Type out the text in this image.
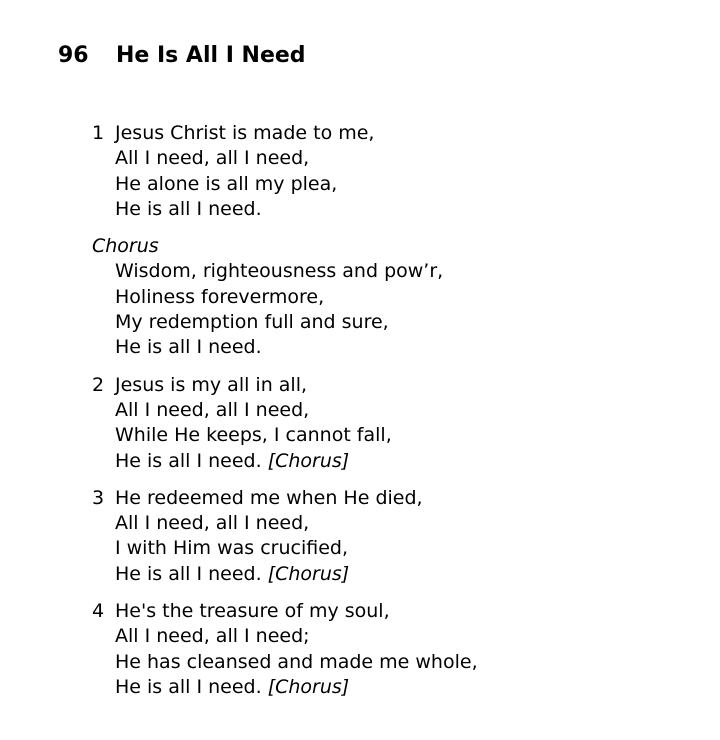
96 He Is All I Need
1 Jesus Christ is made to me,
All I need, all I need,
He alone is all my plea,
He is all I need.
Chorus
Wisdom, righteousness and pow’r,
Holiness forevermore,
My redemption full and sure,
He is all I need.
2 Jesus is my all in all,
All I need, all I need,
While He keeps, I cannot fall,
He is all I need. [Chorus]
3 He redeemed me when He died,
All I need, all I need,
I with Him was crucified,
He is all I need. [Chorus]
4 He's the treasure of my soul,
All I need, all I need;
He has cleansed and made me whole,
He is all I need. [Chorus]
